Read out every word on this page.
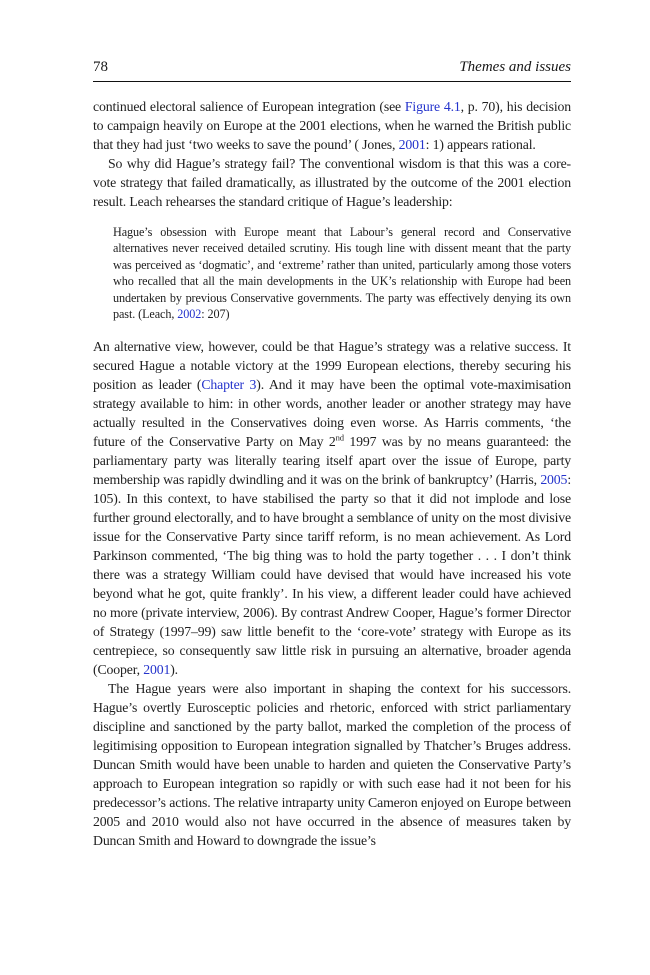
78	Themes and issues

continued electoral salience of European integration (see Figure 4.1, p. 70), his decision to campaign heavily on Europe at the 2001 elections, when he warned the British public that they had just ‘two weeks to save the pound’ ( Jones, 2001: 1) appears rational.

So why did Hague’s strategy fail? The conventional wisdom is that this was a core-vote strategy that failed dramatically, as illustrated by the outcome of the 2001 election result. Leach rehearses the standard critique of Hague’s leadership:

Hague’s obsession with Europe meant that Labour’s general record and Conservative alternatives never received detailed scrutiny. His tough line with dissent meant that the party was perceived as ‘dogmatic’, and ‘extreme’ rather than united, particularly among those voters who recalled that all the main developments in the UK’s relationship with Europe had been undertaken by previous Conservative governments. The party was effectively denying its own past. (Leach, 2002: 207)

An alternative view, however, could be that Hague’s strategy was a relative success. It secured Hague a notable victory at the 1999 European elections, thereby securing his position as leader (Chapter 3). And it may have been the optimal vote-maximisation strategy available to him: in other words, another leader or another strategy may have actually resulted in the Conservatives doing even worse. As Harris comments, ‘the future of the Conservative Party on May 2nd 1997 was by no means guaranteed: the parliamentary party was literally tearing itself apart over the issue of Europe, party membership was rapidly dwindling and it was on the brink of bankruptcy’ (Harris, 2005: 105). In this context, to have stabilised the party so that it did not implode and lose further ground electorally, and to have brought a semblance of unity on the most divisive issue for the Conservative Party since tariff reform, is no mean achievement. As Lord Parkinson commented, ‘The big thing was to hold the party together . . . I don’t think there was a strategy William could have devised that would have increased his vote beyond what he got, quite frankly’. In his view, a different leader could have achieved no more (private interview, 2006). By contrast Andrew Cooper, Hague’s former Director of Strategy (1997–99) saw little benefit to the ‘core-vote’ strategy with Europe as its centrepiece, so consequently saw little risk in pursuing an alternative, broader agenda (Cooper, 2001).

The Hague years were also important in shaping the context for his successors. Hague’s overtly Eurosceptic policies and rhetoric, enforced with strict parliamentary discipline and sanctioned by the party ballot, marked the completion of the process of legitimising opposition to European integration signalled by Thatcher’s Bruges address. Duncan Smith would have been unable to harden and quieten the Conservative Party’s approach to European integration so rapidly or with such ease had it not been for his predecessor’s actions. The relative intraparty unity Cameron enjoyed on Europe between 2005 and 2010 would also not have occurred in the absence of measures taken by Duncan Smith and Howard to downgrade the issue’s
